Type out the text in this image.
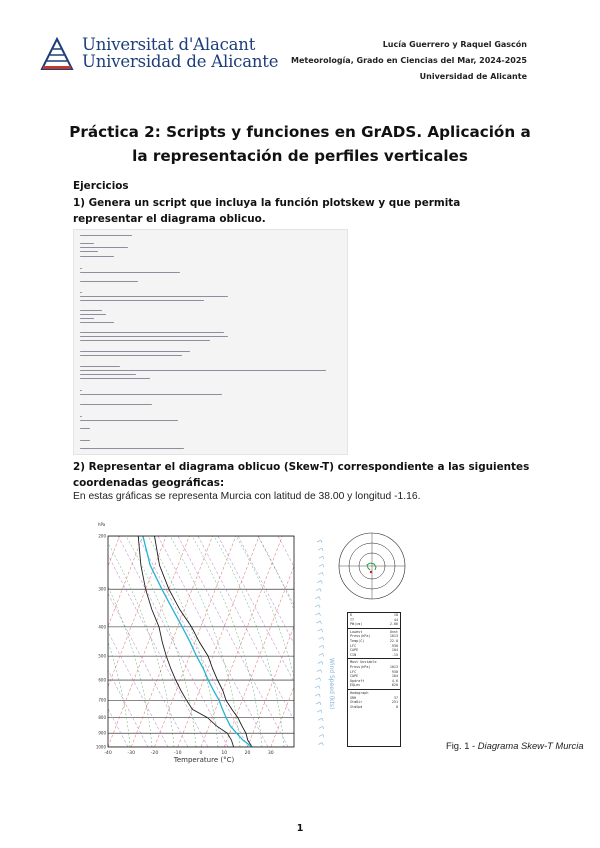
Universitat d'Alacant
Universidad de Alicante
Lucía Guerrero y Raquel Gascón
Meteorología, Grado en Ciencias del Mar, 2024-2025
Universidad de Alicante
Práctica 2: Scripts y funciones en GrADS. Aplicación a la representación de perfiles verticales
Ejercicios
1) Genera un script que incluya la función plotskew y que permita representar el diagrama oblicuo.
2) Representar el diagrama oblicuo (Skew-T) correspondiente a las siguientes coordenadas geográficas:
En estas gráficas se representa Murcia con latitud de 38.00 y longitud -1.16.
200
300
400
500
600
700
800
900
1000
-40	-30	-20	-10	0	10	20	30
Temperature (°C)
hPa
Wind Speed (kts)
K	18
TT	44
PW(cm)	2.06
Lowest	Unst
Press(hPa)	1013
Temp(C)	22.0
LFC	930
CAPE	104
CIN	-15
Most Unstable
Press(hPa)	1013
LFC	930
CAPE	104
Updraft	4.6
EQLev	620
Hodograph
SRH	37
StmDir	251
StmSpd	8
Fig. 1 - Diagrama Skew-T Murcia
1
